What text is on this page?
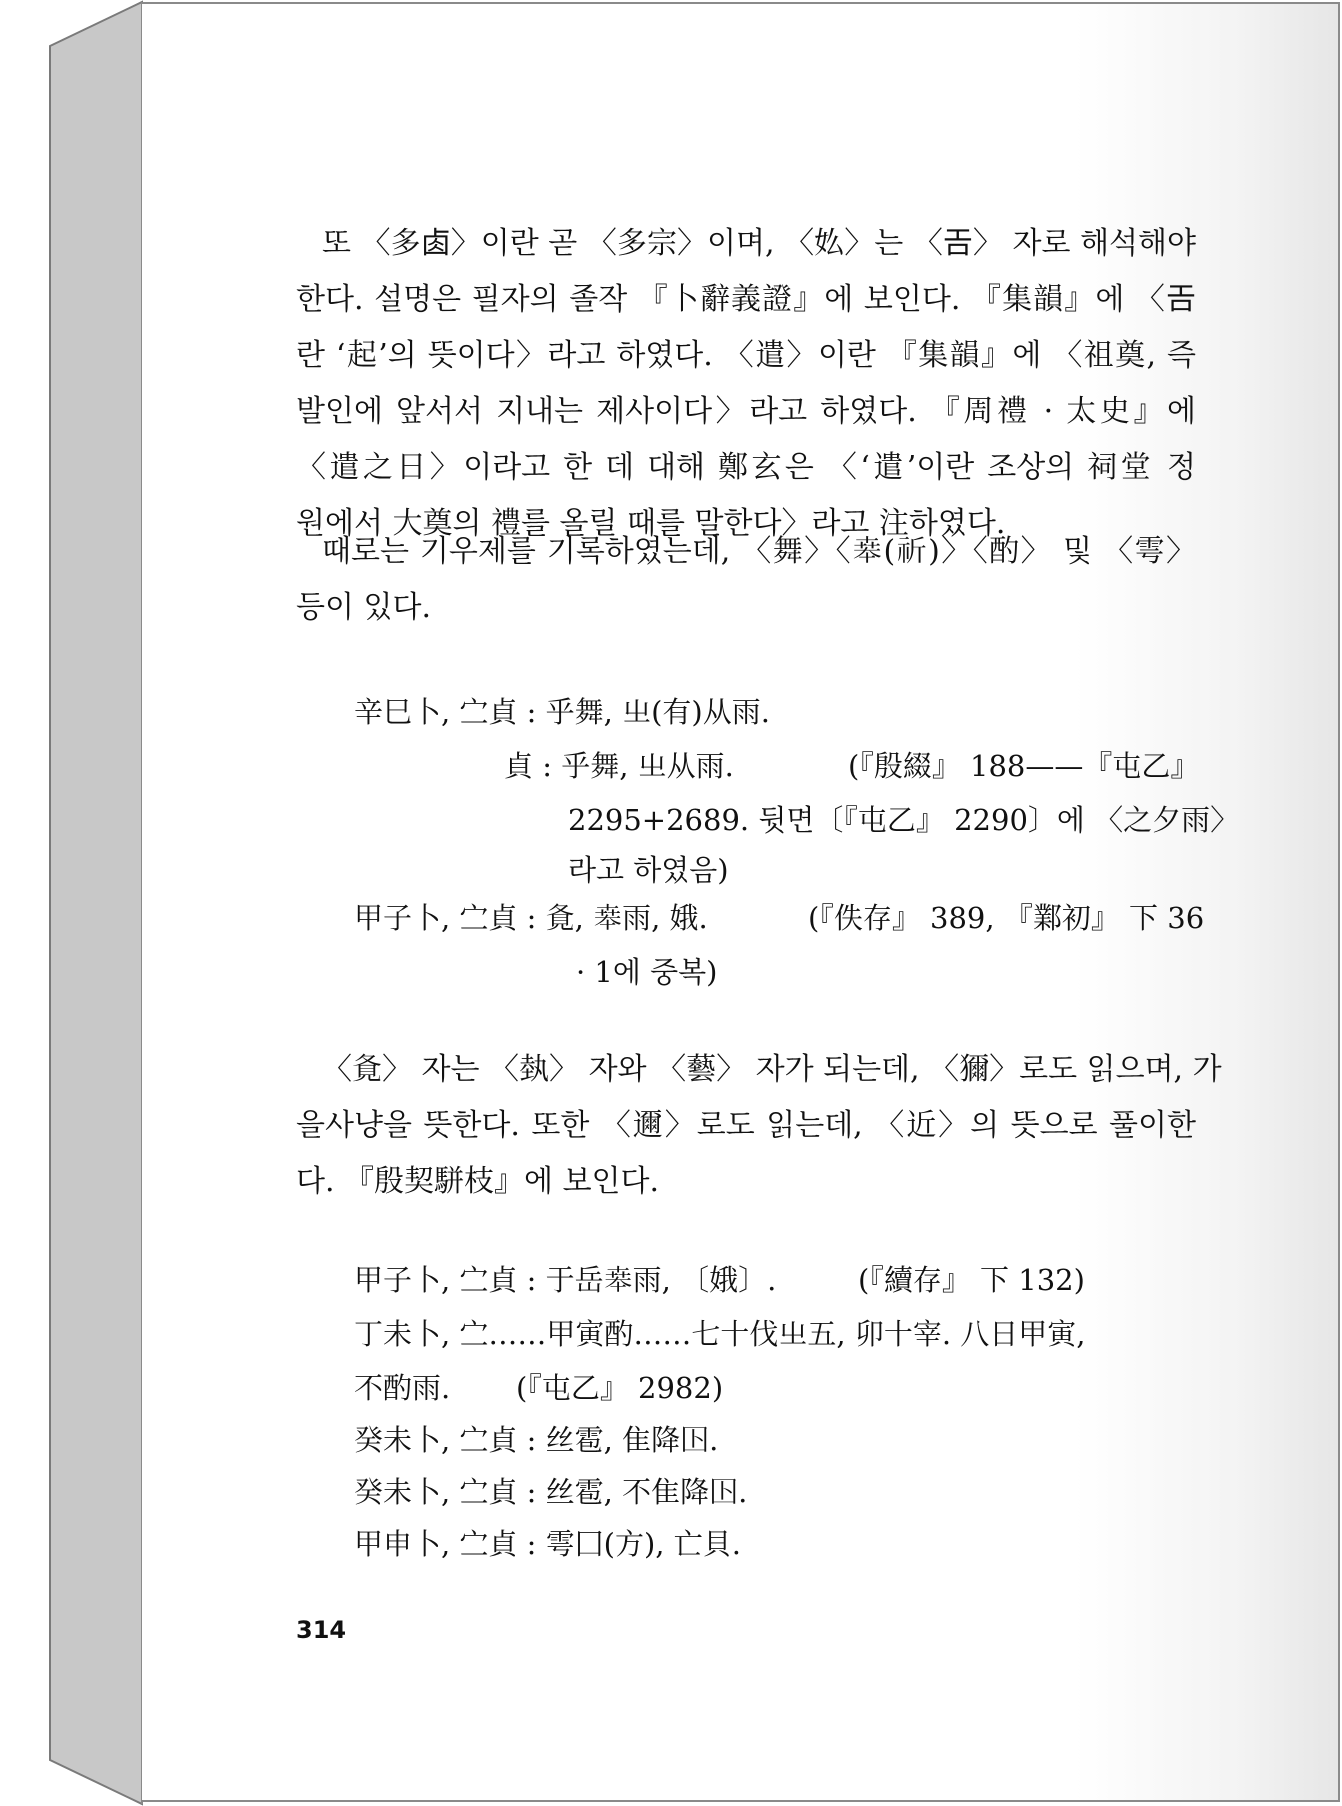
또 〈多𠧪〉이란 곧 〈多宗〉이며, 〈𡚸〉는 〈𢀛〉 자로 해석해야
한다. 설명은 필자의 졸작 『卜辭義證』에 보인다. 『集韻』에 〈𢀛
란 ‘起’의 뜻이다〉라고 하였다. 〈遣〉이란 『集韻』에 〈祖奠, 즉
발인에 앞서서 지내는 제사이다〉라고 하였다. 『周禮 · 太史』에
〈遣之日〉이라고 한 데 대해 鄭玄은 〈‘遣’이란 조상의 祠堂 정
원에서 大奠의 禮를 올릴 때를 말한다〉라고 注하였다.
때로는 기우제를 기록하였는데, 〈舞〉〈𠦪(祈)〉〈酌〉 및 〈雩〉
등이 있다.
辛巳卜, 㝉貞 : 乎舞, 㞢(有)从雨.
貞 : 乎舞, 㞢从雨.	(『殷綴』 188——『屯乙』
2295+2689. 뒷면〔『屯乙』 2290〕에 〈之夕雨〉
라고 하였음)
甲子卜, 㝉貞 : 𡕚, 𠦪雨, 娥.	(『佚存』 389, 『鄴初』 下 36
· 1에 중복)
〈𡕚〉 자는 〈埶〉 자와 〈藝〉 자가 되는데, 〈獮〉로도 읽으며, 가
을사냥을 뜻한다. 또한 〈邇〉로도 읽는데, 〈近〉의 뜻으로 풀이한
다. 『殷契駢枝』에 보인다.
甲子卜, 㝉貞 : 于岳𠦪雨, 〔娥〕.	(『續存』 下 132)
丁未卜, 㝉……甲寅酌……七十伐㞢五, 卯十宰. 八日甲寅,
不酌雨. (『屯乙』 2982)
癸未卜, 㝉貞 : 丝雹, 隹降𡆥.
癸未卜, 㝉貞 : 丝雹, 不隹降𡆥.
甲申卜, 㝉貞 : 雩囗(方), 亡貝.
314
